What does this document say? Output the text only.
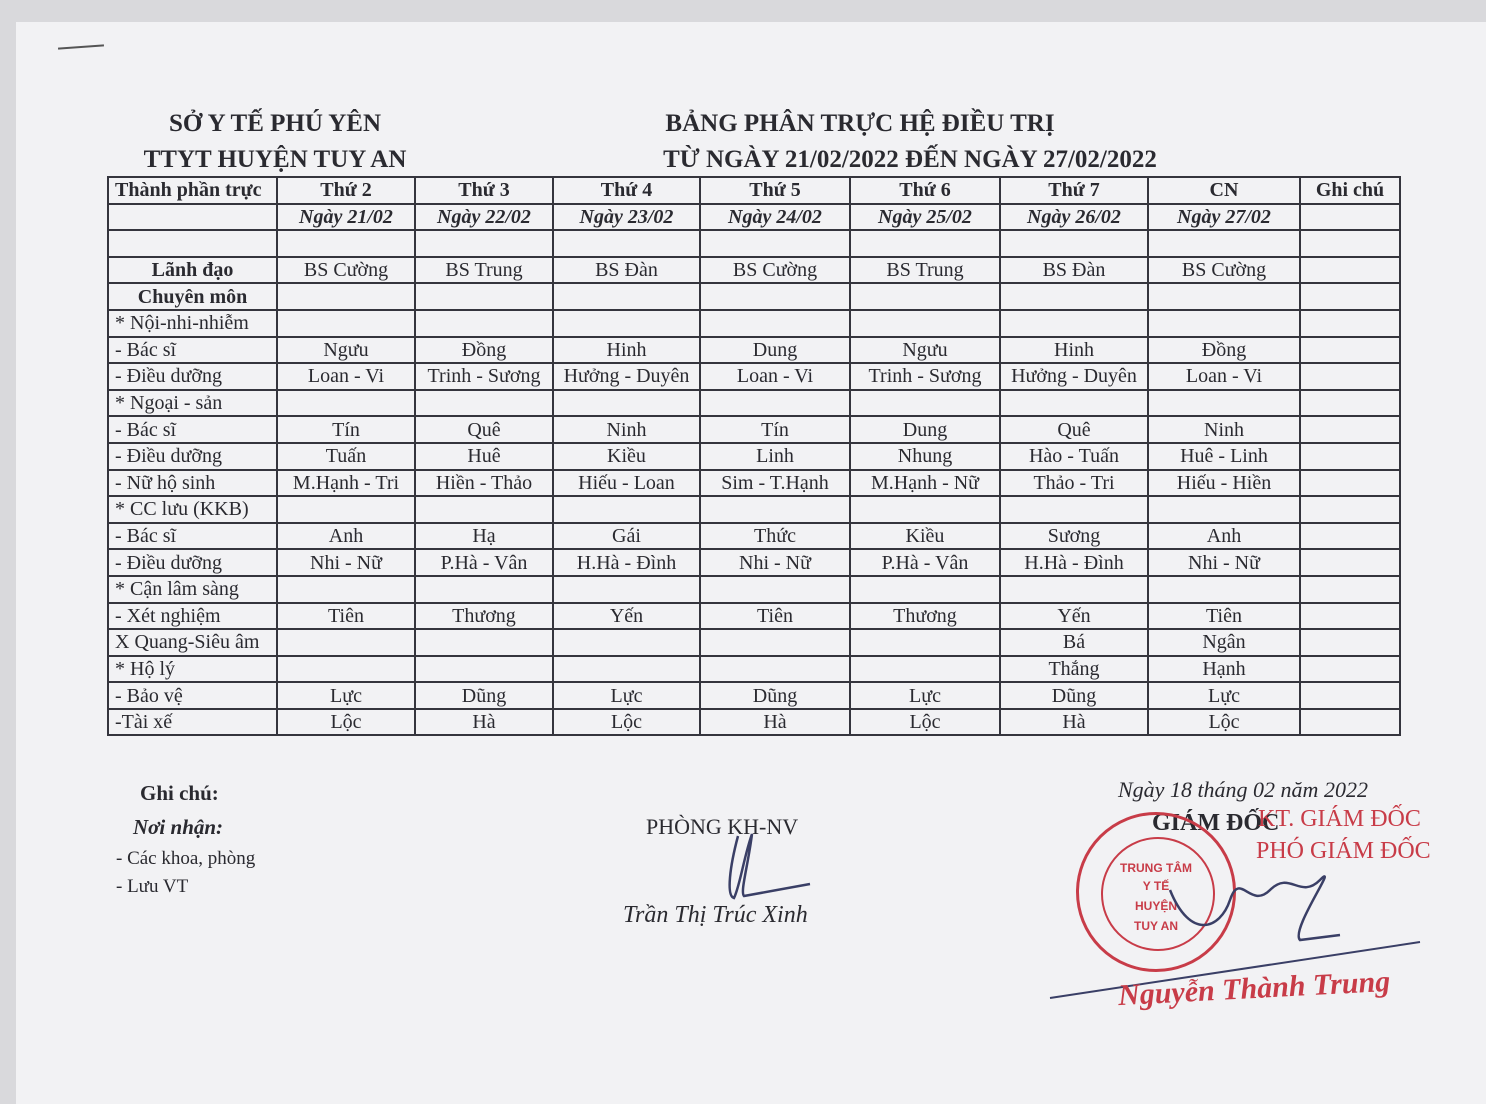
SỞ Y TẾ PHÚ YÊN
TTYT HUYỆN TUY AN
BẢNG PHÂN TRỰC HỆ ĐIỀU TRỊ
TỪ NGÀY 21/02/2022 ĐẾN NGÀY 27/02/2022
Thành phần trực	Thứ 2	Thứ 3	Thứ 4	Thứ 5	Thứ 6	Thứ 7	CN	Ghi chú
	Ngày 21/02	Ngày 22/02	Ngày 23/02	Ngày 24/02	Ngày 25/02	Ngày 26/02	Ngày 27/02	

Lãnh đạo	BS Cường	BS Trung	BS Đàn	BS Cường	BS Trung	BS Đàn	BS Cường	
Chuyên môn								
* Nội-nhi-nhiễm								
- Bác sĩ	Ngưu	Đồng	Hinh	Dung	Ngưu	Hinh	Đồng	
- Điều dưỡng	Loan - Vi	Trinh - Sương	Hưởng - Duyên	Loan - Vi	Trinh - Sương	Hưởng - Duyên	Loan - Vi	
* Ngoại - sản								
- Bác sĩ	Tín	Quê	Ninh	Tín	Dung	Quê	Ninh	
- Điều dưỡng	Tuấn	Huê	Kiều	Linh	Nhung	Hào - Tuấn	Huê - Linh	
- Nữ hộ sinh	M.Hạnh - Tri	Hiền - Thảo	Hiếu - Loan	Sim - T.Hạnh	M.Hạnh - Nữ	Thảo - Tri	Hiếu - Hiền	
* CC lưu (KKB)								
- Bác sĩ	Anh	Hạ	Gái	Thức	Kiều	Sương	Anh	
- Điều dưỡng	Nhi - Nữ	P.Hà - Vân	H.Hà - Đình	Nhi - Nữ	P.Hà - Vân	H.Hà - Đình	Nhi - Nữ	
* Cận lâm sàng								
- Xét nghiệm	Tiên	Thương	Yến	Tiên	Thương	Yến	Tiên	
X Quang-Siêu âm						Bá	Ngân	
* Hộ lý						Thắng	Hạnh	
- Bảo vệ	Lực	Dũng	Lực	Dũng	Lực	Dũng	Lực	
-Tài xế	Lộc	Hà	Lộc	Hà	Lộc	Hà	Lộc	
Ghi chú:
Nơi nhận:
- Các khoa, phòng
- Lưu VT
PHÒNG KH-NV
Trần Thị Trúc Xinh
Ngày 18 tháng 02 năm 2022
GIÁM ĐỐC
KT. GIÁM ĐỐC
PHÓ GIÁM ĐỐC
TRUNG TÂM
Y TẾ
HUYỆN
TUY AN
Nguyễn Thành Trung
